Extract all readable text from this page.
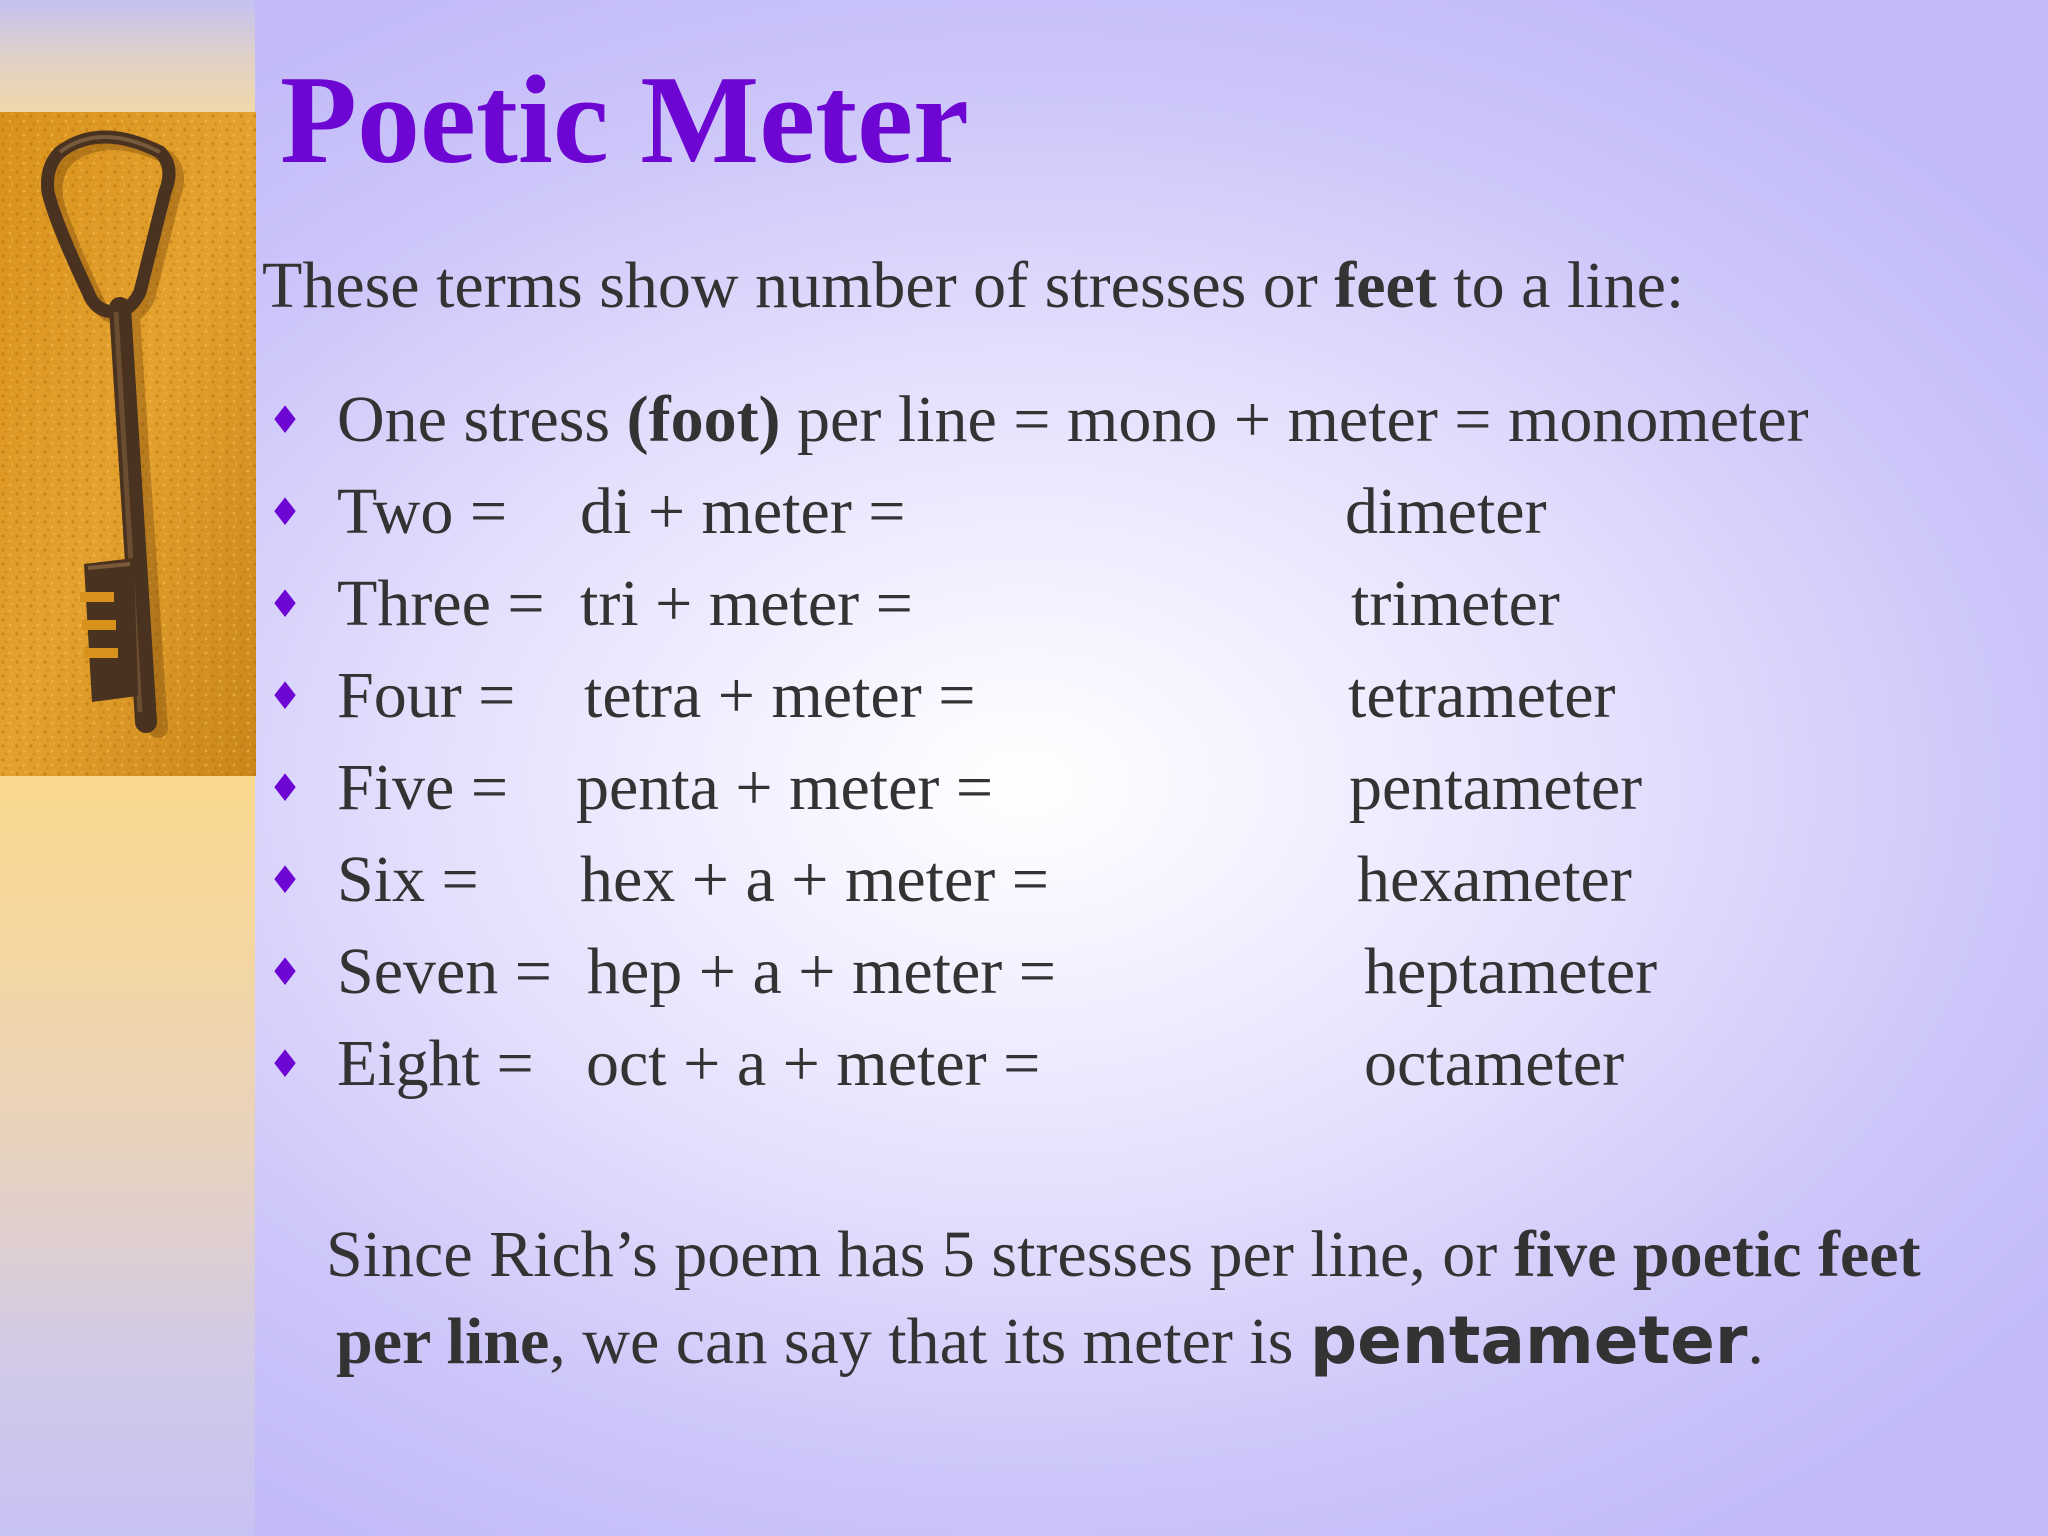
Poetic Meter
These terms show number of stresses or feet to a line:
♦ One stress (foot) per line = mono + meter = monometer
♦ Two = di + meter =	dimeter
♦ Three = tri + meter =	trimeter
♦ Four = tetra + meter =	tetrameter
♦ Five = penta + meter =	pentameter
♦ Six = hex + a + meter =	hexameter
♦ Seven = hep + a + meter =	heptameter
♦ Eight = oct + a + meter =	octameter
Since Rich’s poem has 5 stresses per line, or five poetic feet
per line, we can say that its meter is pentameter.
